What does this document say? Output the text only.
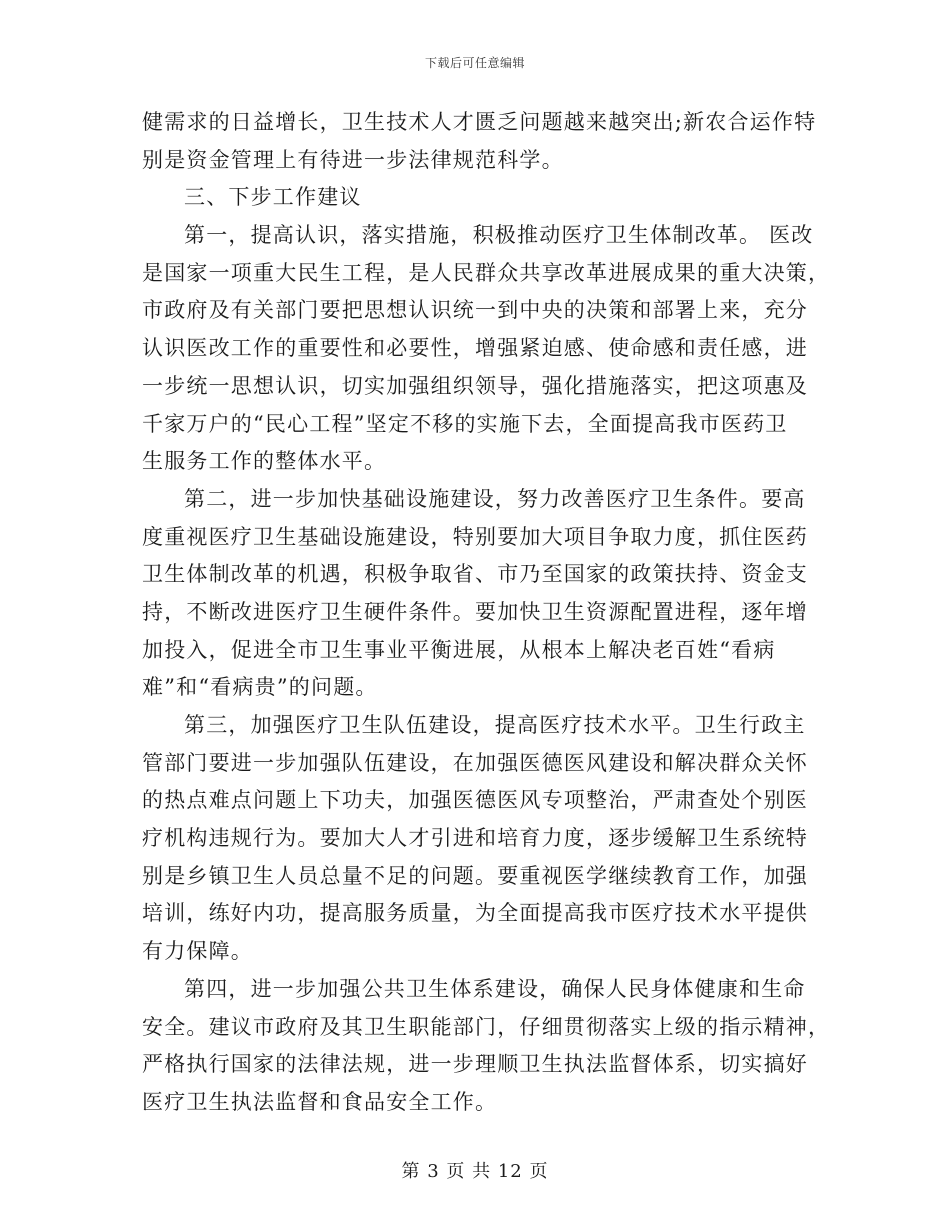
下载后可任意编辑
健需求的日益增长，卫生技术人才匮乏问题越来越突出;新农合运作特
别是资金管理上有待进一步法律规范科学。
三、下步工作建议
第一，提高认识，落实措施，积极推动医疗卫生体制改革。 医改
是国家一项重大民生工程，是人民群众共享改革进展成果的重大决策，
市政府及有关部门要把思想认识统一到中央的决策和部署上来，充分
认识医改工作的重要性和必要性，增强紧迫感、使命感和责任感，进
一步统一思想认识，切实加强组织领导，强化措施落实，把这项惠及
千家万户的“民心工程”坚定不移的实施下去，全面提高我市医药卫
生服务工作的整体水平。
第二，进一步加快基础设施建设，努力改善医疗卫生条件。要高
度重视医疗卫生基础设施建设，特别要加大项目争取力度，抓住医药
卫生体制改革的机遇，积极争取省、市乃至国家的政策扶持、资金支
持，不断改进医疗卫生硬件条件。要加快卫生资源配置进程，逐年增
加投入，促进全市卫生事业平衡进展，从根本上解决老百姓“看病
难”和“看病贵”的问题。
第三，加强医疗卫生队伍建设，提高医疗技术水平。卫生行政主
管部门要进一步加强队伍建设，在加强医德医风建设和解决群众关怀
的热点难点问题上下功夫，加强医德医风专项整治，严肃查处个别医
疗机构违规行为。要加大人才引进和培育力度，逐步缓解卫生系统特
别是乡镇卫生人员总量不足的问题。要重视医学继续教育工作，加强
培训，练好内功，提高服务质量，为全面提高我市医疗技术水平提供
有力保障。
第四，进一步加强公共卫生体系建设，确保人民身体健康和生命
安全。建议市政府及其卫生职能部门，仔细贯彻落实上级的指示精神，
严格执行国家的法律法规，进一步理顺卫生执法监督体系，切实搞好
医疗卫生执法监督和食品安全工作。
第 3 页 共 12 页
